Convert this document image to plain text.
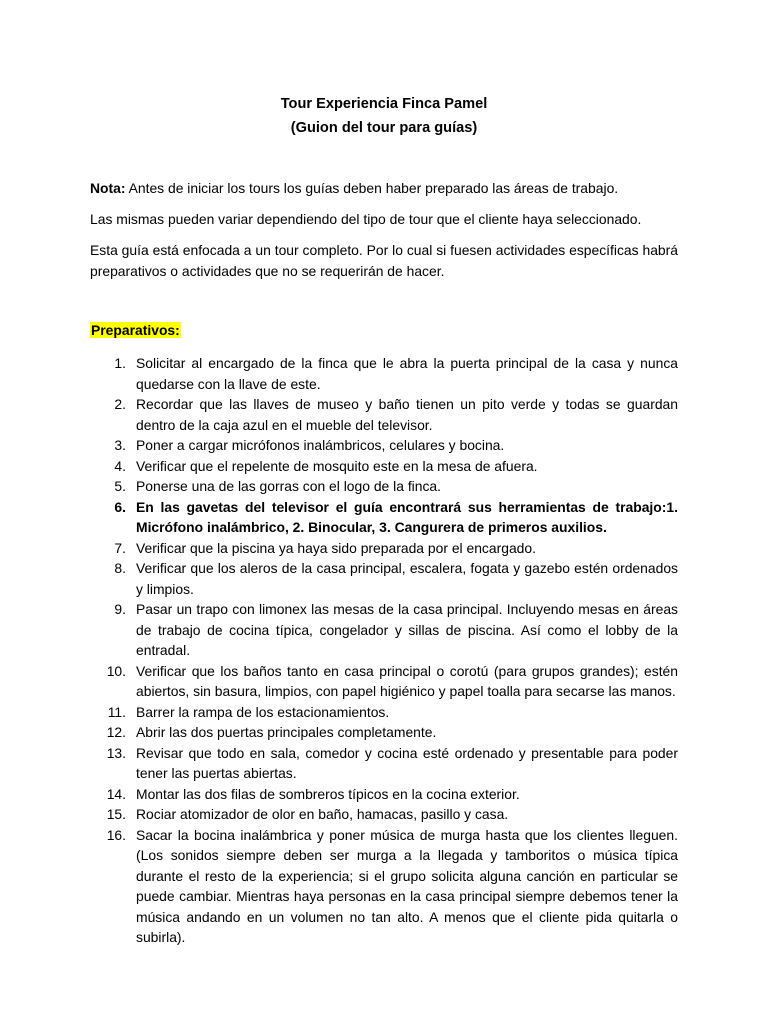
Tour Experiencia Finca Pamel
(Guion del tour para guías)
Nota: Antes de iniciar los tours los guías deben haber preparado las áreas de trabajo.
Las mismas pueden variar dependiendo del tipo de tour que el cliente haya seleccionado.
Esta guía está enfocada a un tour completo. Por lo cual si fuesen actividades específicas habrá preparativos o actividades que no se requerirán de hacer.
Preparativos:
1. Solicitar al encargado de la finca que le abra la puerta principal de la casa y nunca quedarse con la llave de este.
2. Recordar que las llaves de museo y baño tienen un pito verde y todas se guardan dentro de la caja azul en el mueble del televisor.
3. Poner a cargar micrófonos inalámbricos, celulares y bocina.
4. Verificar que el repelente de mosquito este en la mesa de afuera.
5. Ponerse una de las gorras con el logo de la finca.
6. En las gavetas del televisor el guía encontrará sus herramientas de trabajo:1. Micrófono inalámbrico, 2. Binocular, 3. Cangurera de primeros auxilios.
7. Verificar que la piscina ya haya sido preparada por el encargado.
8. Verificar que los aleros de la casa principal, escalera, fogata y gazebo estén ordenados y limpios.
9. Pasar un trapo con limonex las mesas de la casa principal. Incluyendo mesas en áreas de trabajo de cocina típica, congelador y sillas de piscina. Así como el lobby de la entradal.
10. Verificar que los baños tanto en casa principal o corotú (para grupos grandes); estén abiertos, sin basura, limpios, con papel higiénico y papel toalla para secarse las manos.
11. Barrer la rampa de los estacionamientos.
12. Abrir las dos puertas principales completamente.
13. Revisar que todo en sala, comedor y cocina esté ordenado y presentable para poder tener las puertas abiertas.
14. Montar las dos filas de sombreros típicos en la cocina exterior.
15. Rociar atomizador de olor en baño, hamacas, pasillo y casa.
16. Sacar la bocina inalámbrica y poner música de murga hasta que los clientes lleguen. (Los sonidos siempre deben ser murga a la llegada y tamboritos o música típica durante el resto de la experiencia; si el grupo solicita alguna canción en particular se puede cambiar. Mientras haya personas en la casa principal siempre debemos tener la música andando en un volumen no tan alto. A menos que el cliente pida quitarla o subirla).
